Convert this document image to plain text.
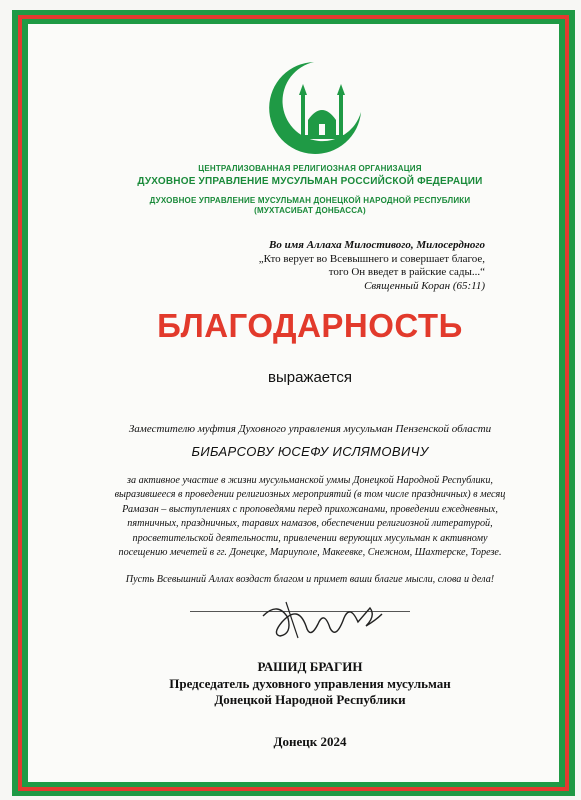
ЦЕНТРАЛИЗОВАННАЯ РЕЛИГИОЗНАЯ ОРГАНИЗАЦИЯ
ДУХОВНОЕ УПРАВЛЕНИЕ МУСУЛЬМАН РОССИЙСКОЙ ФЕДЕРАЦИИ
ДУХОВНОЕ УПРАВЛЕНИЕ МУСУЛЬМАН ДОНЕЦКОЙ НАРОДНОЙ РЕСПУБЛИКИ
(МУХТАСИБАТ ДОНБАССА)
Во имя Аллаха Милостивого, Милосердного
„Кто верует во Всевышнего и совершает благое,
того Он введет в райские сады...“
Священный Коран (65:11)
БЛАГОДАРНОСТЬ
выражается
Заместителю муфтия Духовного управления мусульман Пензенской области
БИБАРСОВУ ЮСЕФУ ИСЛЯМОВИЧУ
за активное участие в жизни мусульманской уммы Донецкой Народной Республики,
выразившееся в проведении религиозных мероприятий (в том числе праздничных) в месяц
Рамазан – выступлениях с проповедями перед прихожанами, проведении ежедневных,
пятничных, праздничных, таравих намазов, обеспечении религиозной литературой,
просветительской деятельности, привлечении верующих мусульман к активному
посещению мечетей в гг. Донецке, Мариуполе, Макеевке, Снежном, Шахтерске, Торезе.
Пусть Всевышний Аллах воздаст благом и примет ваши благие мысли, слова и дела!
РАШИД БРАГИН
Председатель духовного управления мусульман
Донецкой Народной Республики
Донецк 2024
